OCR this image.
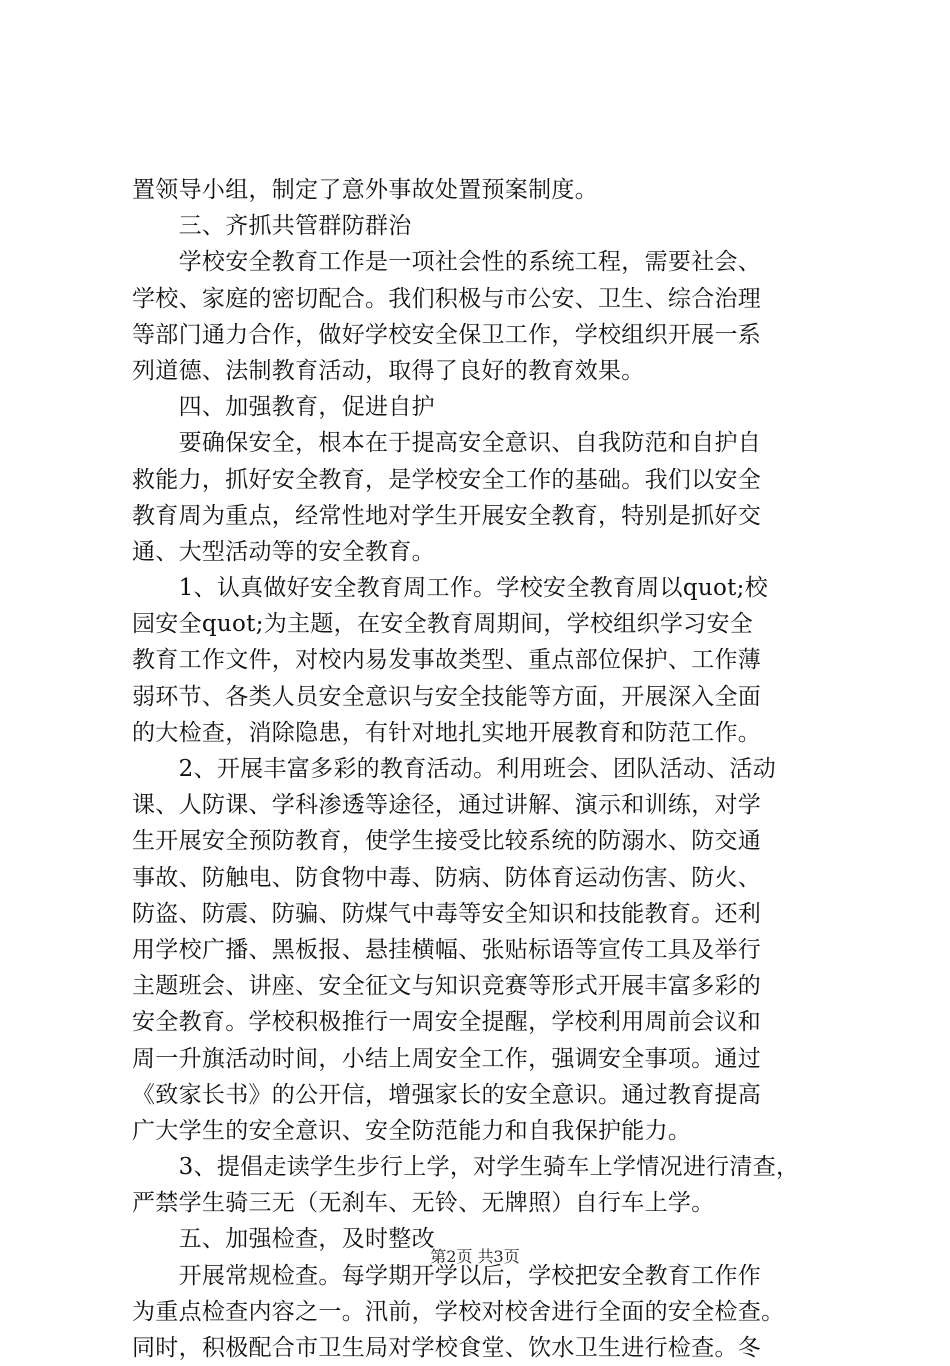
置领导小组，制定了意外事故处置预案制度。
　　三、齐抓共管群防群治
　　学校安全教育工作是一项社会性的系统工程，需要社会、
学校、家庭的密切配合。我们积极与市公安、卫生、综合治理
等部门通力合作，做好学校安全保卫工作，学校组织开展一系
列道德、法制教育活动，取得了良好的教育效果。
　　四、加强教育，促进自护
　　要确保安全，根本在于提高安全意识、自我防范和自护自
救能力，抓好安全教育，是学校安全工作的基础。我们以安全
教育周为重点，经常性地对学生开展安全教育，特别是抓好交
通、大型活动等的安全教育。
　　1、认真做好安全教育周工作。学校安全教育周以quot;校
园安全quot;为主题，在安全教育周期间，学校组织学习安全
教育工作文件，对校内易发事故类型、重点部位保护、工作薄
弱环节、各类人员安全意识与安全技能等方面，开展深入全面
的大检查，消除隐患，有针对地扎实地开展教育和防范工作。
　　2、开展丰富多彩的教育活动。利用班会、团队活动、活动
课、人防课、学科渗透等途径，通过讲解、演示和训练，对学
生开展安全预防教育，使学生接受比较系统的防溺水、防交通
事故、防触电、防食物中毒、防病、防体育运动伤害、防火、
防盗、防震、防骗、防煤气中毒等安全知识和技能教育。还利
用学校广播、黑板报、悬挂横幅、张贴标语等宣传工具及举行
主题班会、讲座、安全征文与知识竞赛等形式开展丰富多彩的
安全教育。学校积极推行一周安全提醒，学校利用周前会议和
周一升旗活动时间，小结上周安全工作，强调安全事项。通过
《致家长书》的公开信，增强家长的安全意识。通过教育提高
广大学生的安全意识、安全防范能力和自我保护能力。
　　3、提倡走读学生步行上学，对学生骑车上学情况进行清查，
严禁学生骑三无（无刹车、无铃、无牌照）自行车上学。
　　五、加强检查，及时整改
　　开展常规检查。每学期开学以后，学校把安全教育工作作
为重点检查内容之一。汛前，学校对校舍进行全面的安全检查。
同时，积极配合市卫生局对学校食堂、饮水卫生进行检查。冬
第2页 共3页
